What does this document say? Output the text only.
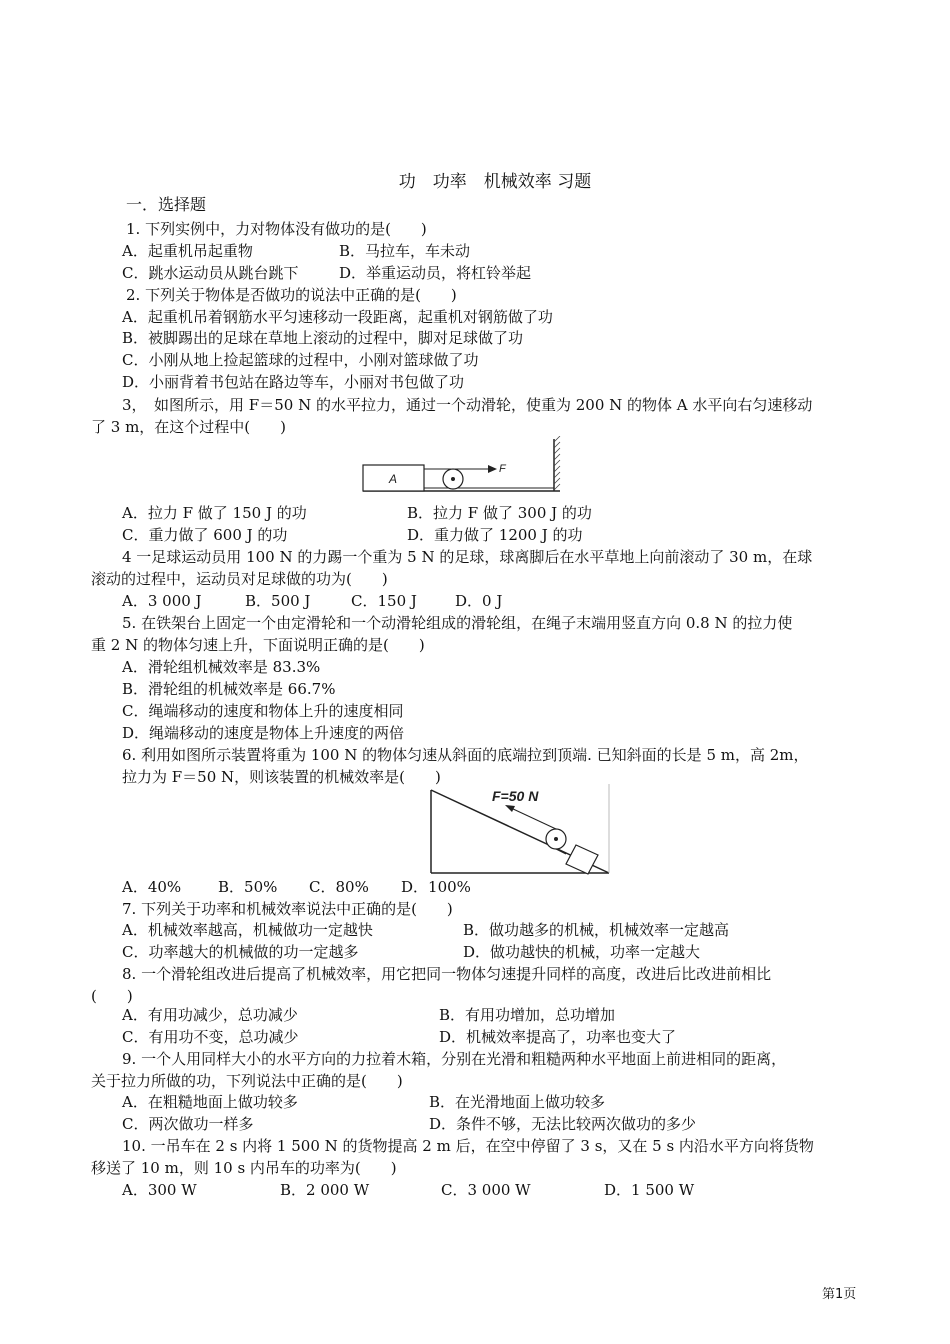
功　功率　机械效率 习题
一．选择题
1. 下列实例中，力对物体没有做功的是(　　)
A．起重机吊起重物	B．马拉车，车未动
C．跳水运动员从跳台跳下	D．举重运动员，将杠铃举起
2. 下列关于物体是否做功的说法中正确的是(　　)
A．起重机吊着钢筋水平匀速移动一段距离，起重机对钢筋做了功
B．被脚踢出的足球在草地上滚动的过程中，脚对足球做了功
C．小刚从地上捡起篮球的过程中，小刚对篮球做了功
D．小丽背着书包站在路边等车，小丽对书包做了功
3，　如图所示，用 F＝50 N 的水平拉力，通过一个动滑轮，使重为 200 N 的物体 A 水平向右匀速移动
了 3 m，在这个过程中(　　)
A
F
A．拉力 F 做了 150 J 的功	B．拉力 F 做了 300 J 的功
C．重力做了 600 J 的功	D．重力做了 1200 J 的功
4 一足球运动员用 100 N 的力踢一个重为 5 N 的足球，球离脚后在水平草地上向前滚动了 30 m，在球
滚动的过程中，运动员对足球做的功为(　　)
A．3 000 J	B．500 J	C．150 J	D．0 J
5. 在铁架台上固定一个由定滑轮和一个动滑轮组成的滑轮组，在绳子末端用竖直方向 0.8 N 的拉力使
重 2 N 的物体匀速上升，下面说明正确的是(　　)
A．滑轮组机械效率是 83.3%
B．滑轮组的机械效率是 66.7%
C．绳端移动的速度和物体上升的速度相同
D．绳端移动的速度是物体上升速度的两倍
6. 利用如图所示装置将重为 100 N 的物体匀速从斜面的底端拉到顶端. 已知斜面的长是 5 m，高 2m，
拉力为 F＝50 N，则该装置的机械效率是(　　)
F=50 N
A．40% B．50% C．80% D．100%
7. 下列关于功率和机械效率说法中正确的是(　　)
A．机械效率越高，机械做功一定越快	B．做功越多的机械，机械效率一定越高
C．功率越大的机械做的功一定越多	D．做功越快的机械，功率一定越大
8. 一个滑轮组改进后提高了机械效率，用它把同一物体匀速提升同样的高度，改进后比改进前相比
(　　)
A．有用功减少，总功减少	B．有用功增加，总功增加
C．有用功不变，总功减少	D．机械效率提高了，功率也变大了
9. 一个人用同样大小的水平方向的力拉着木箱，分别在光滑和粗糙两种水平地面上前进相同的距离，
关于拉力所做的功，下列说法中正确的是(　　)
A．在粗糙地面上做功较多	B．在光滑地面上做功较多
C．两次做功一样多	D．条件不够，无法比较两次做功的多少
10. 一吊车在 2 s 内将 1 500 N 的货物提高 2 m 后，在空中停留了 3 s，又在 5 s 内沿水平方向将货物
移送了 10 m，则 10 s 内吊车的功率为(　　)
A．300 W	B．2 000 W	C．3 000 W	D．1 500 W
第1页
